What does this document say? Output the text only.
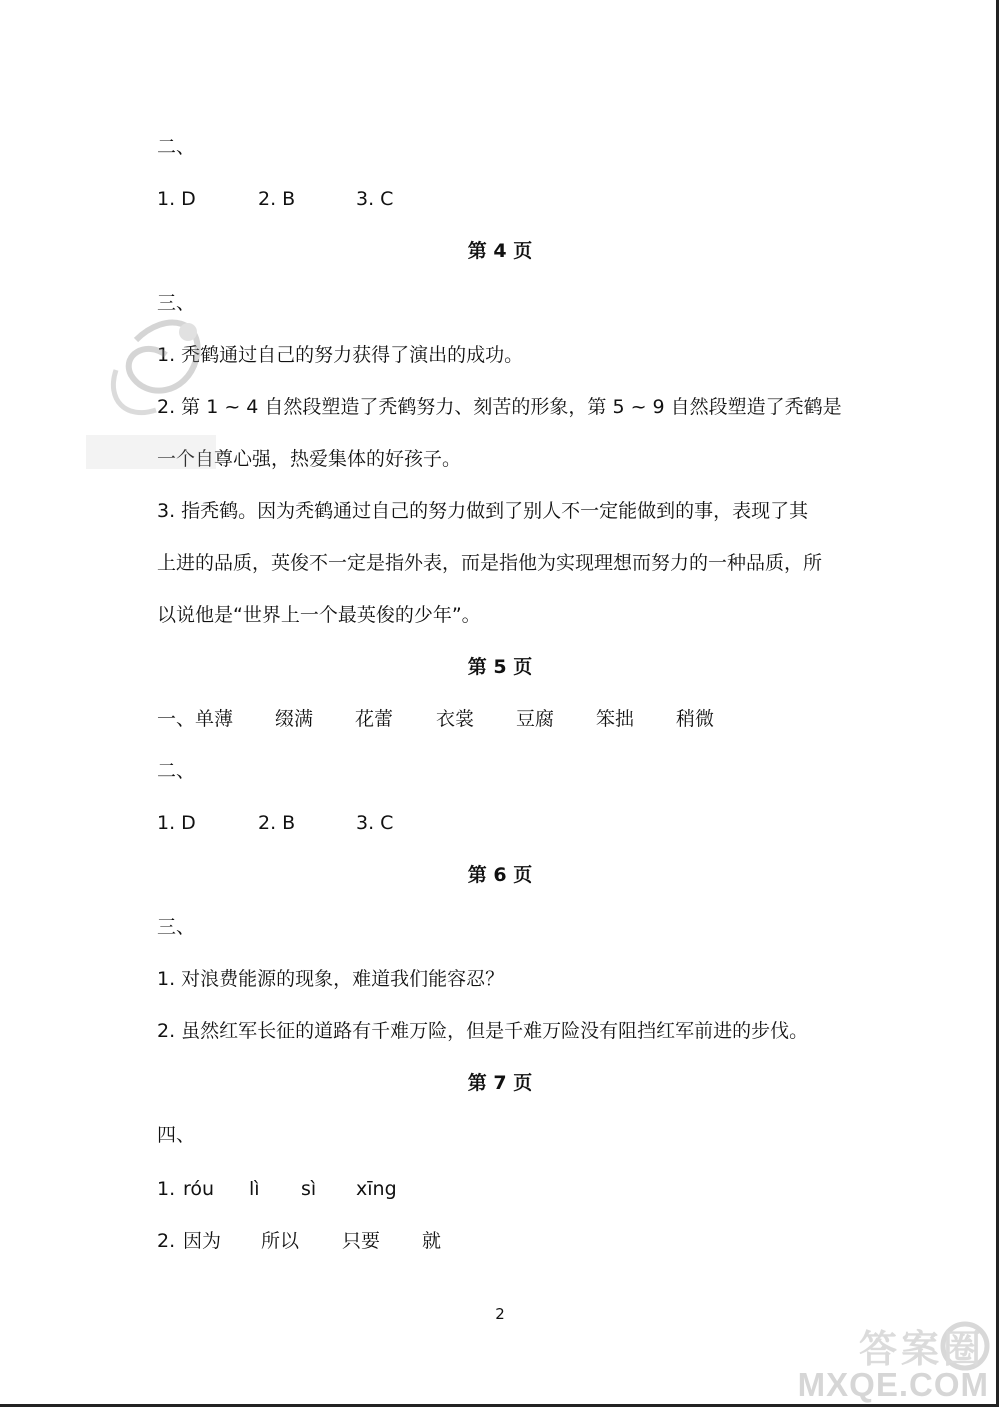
二、
1. D	2. B	3. C
第 4 页
三、
1. 秃鹤通过自己的努力获得了演出的成功。
2. 第 1 ~ 4 自然段塑造了秃鹤努力、刻苦的形象，第 5 ~ 9 自然段塑造了秃鹤是
一个自尊心强，热爱集体的好孩子。
3. 指秃鹤。因为秃鹤通过自己的努力做到了别人不一定能做到的事，表现了其
上进的品质，英俊不一定是指外表，而是指他为实现理想而努力的一种品质，所
以说他是“世界上一个最英俊的少年”。
第 5 页
一、 单薄 缀满 花蕾 衣裳 豆腐 笨拙 稍微
二、
1. D	2. B	3. C
第 6 页
三、
1. 对浪费能源的现象，难道我们能容忍？
2. 虽然红军长征的道路有千难万险，但是千难万险没有阻挡红军前进的步伐。
第 7 页
四、
1. róu lì sì xīng
2. 因为 所以 只要 就
2
答案圈
MXQE.COM
